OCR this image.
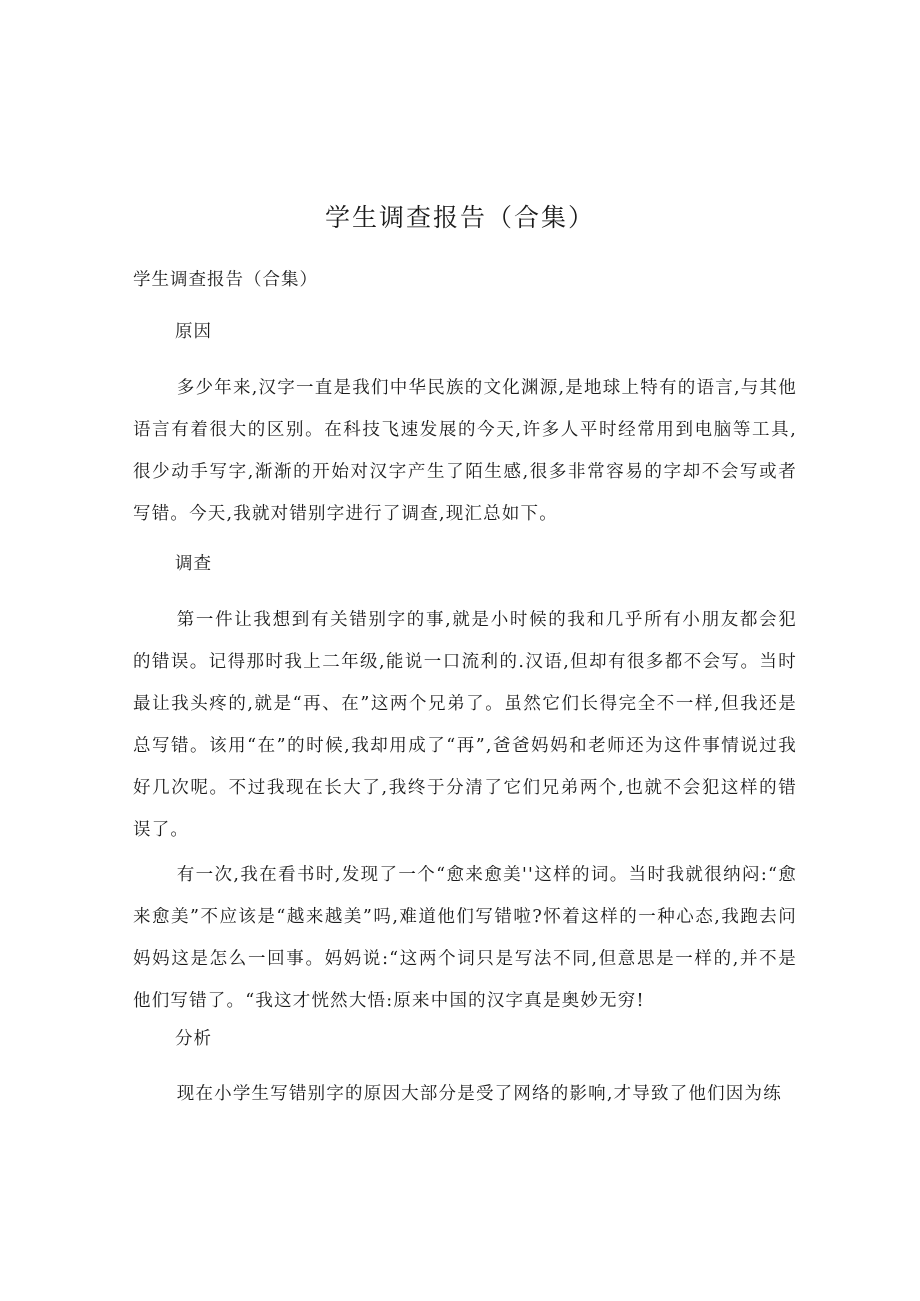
学生调查报告（合集）

学生调查报告（合集）

原因

多少年来,汉字一直是我们中华民族的文化渊源,是地球上特有的语言,与其他语言有着很大的区别。在科技飞速发展的今天,许多人平时经常用到电脑等工具,很少动手写字,渐渐的开始对汉字产生了陌生感,很多非常容易的字却不会写或者写错。今天,我就对错别字进行了调查,现汇总如下。

调查

第一件让我想到有关错别字的事,就是小时候的我和几乎所有小朋友都会犯的错误。记得那时我上二年级,能说一口流利的.汉语,但却有很多都不会写。当时最让我头疼的,就是“再、在”这两个兄弟了。虽然它们长得完全不一样,但我还是总写错。该用“在”的时候,我却用成了“再”,爸爸妈妈和老师还为这件事情说过我好几次呢。不过我现在长大了,我终于分清了它们兄弟两个,也就不会犯这样的错误了。

有一次,我在看书时,发现了一个“愈来愈美''这样的词。当时我就很纳闷:“愈来愈美”不应该是“越来越美”吗,难道他们写错啦?怀着这样的一种心态,我跑去问妈妈这是怎么一回事。妈妈说:“这两个词只是写法不同,但意思是一样的,并不是他们写错了。“我这才恍然大悟:原来中国的汉字真是奥妙无穷!

分析

现在小学生写错别字的原因大部分是受了网络的影响,才导致了他们因为练
